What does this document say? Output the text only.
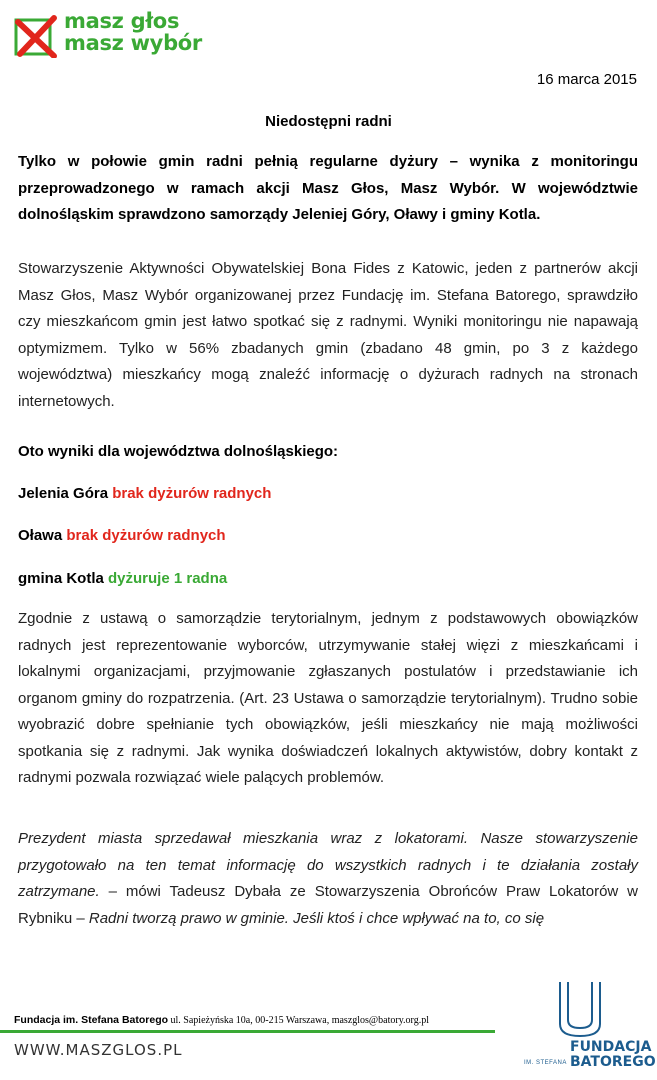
masz głos
masz wybór
16 marca 2015
Niedostępni radni
Tylko w połowie gmin radni pełnią regularne dyżury – wynika z monitoringu przeprowadzonego w ramach akcji Masz Głos, Masz Wybór. W województwie dolnośląskim sprawdzono samorządy Jeleniej Góry, Oławy i gminy Kotla.
Stowarzyszenie Aktywności Obywatelskiej Bona Fides z Katowic, jeden z partnerów akcji Masz Głos, Masz Wybór organizowanej przez Fundację im. Stefana Batorego, sprawdziło czy mieszkańcom gmin jest łatwo spotkać się z radnymi. Wyniki monitoringu nie napawają optymizmem. Tylko w 56% zbadanych gmin (zbadano 48 gmin, po 3 z każdego województwa) mieszkańcy mogą znaleźć informację o dyżurach radnych na stronach internetowych.
Oto wyniki dla województwa dolnośląskiego:
Jelenia Góra brak dyżurów radnych
Oława brak dyżurów radnych
gmina Kotla dyżuruje 1 radna
Zgodnie z ustawą o samorządzie terytorialnym, jednym z podstawowych obowiązków radnych jest reprezentowanie wyborców, utrzymywanie stałej więzi z mieszkańcami i lokalnymi organizacjami, przyjmowanie zgłaszanych postulatów i przedstawianie ich organom gminy do rozpatrzenia. (Art. 23 Ustawa o samorządzie terytorialnym). Trudno sobie wyobrazić dobre spełnianie tych obowiązków, jeśli mieszkańcy nie mają możliwości spotkania się z radnymi. Jak wynika doświadczeń lokalnych aktywistów, dobry kontakt z radnymi pozwala rozwiązać wiele palących problemów.
Prezydent miasta sprzedawał mieszkania wraz z lokatorami. Nasze stowarzyszenie przygotowało na ten temat informację do wszystkich radnych i te działania zostały zatrzymane. – mówi Tadeusz Dybała ze Stowarzyszenia Obrońców Praw Lokatorów w Rybniku – Radni tworzą prawo w gminie. Jeśli ktoś i chce wpływać na to, co się
Fundacja im. Stefana Batorego ul. Sapieżyńska 10a, 00-215 Warszawa, maszglos@batory.org.pl
WWW.MASZGLOS.PL	FUNDACJA
BATOREGO
IM. STEFANA
